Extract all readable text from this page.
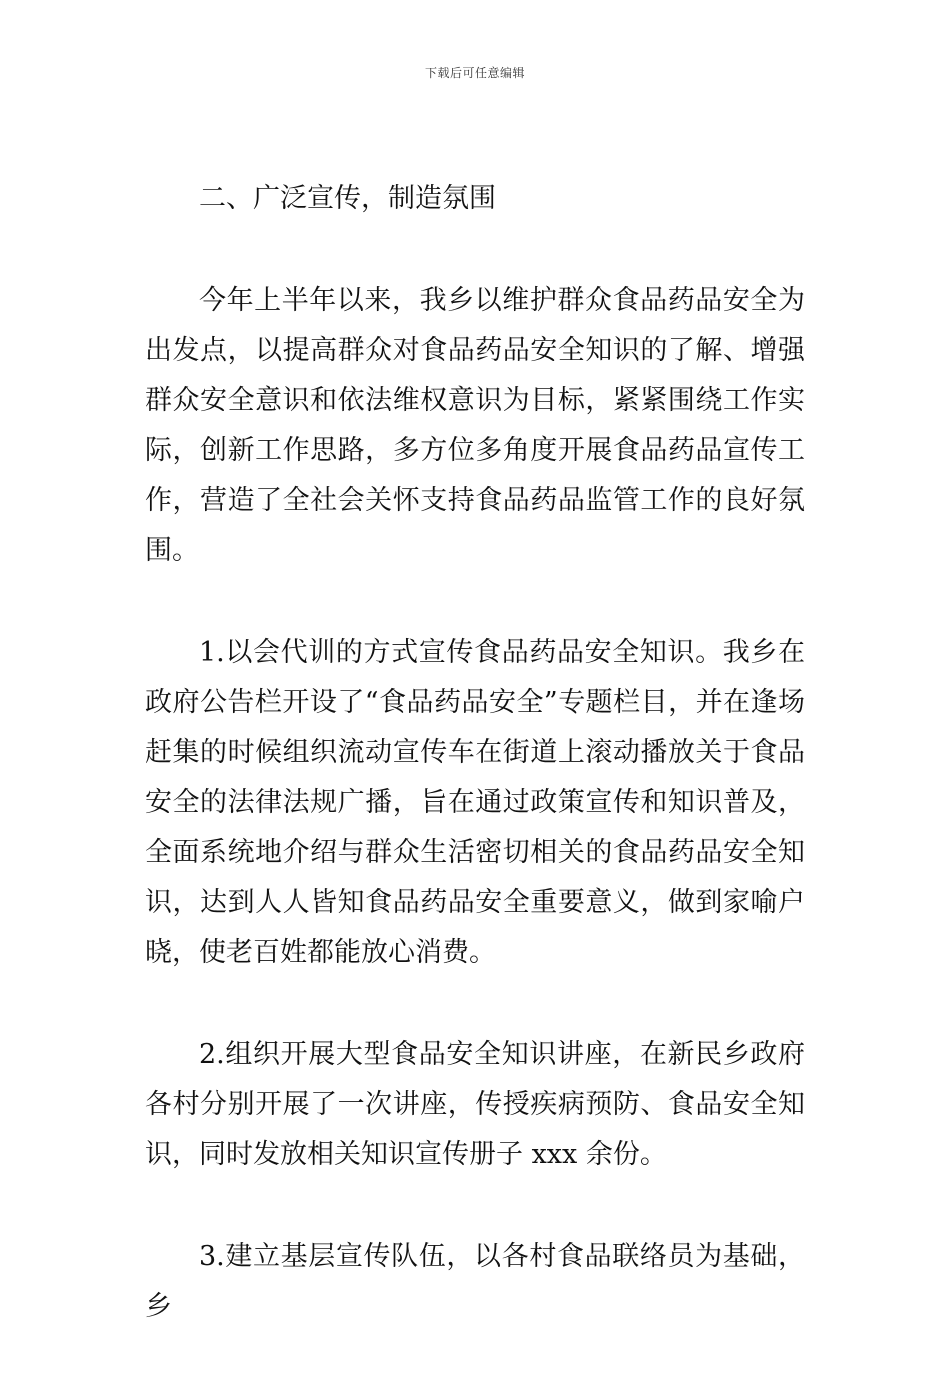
下载后可任意编辑
二、广泛宣传，制造氛围

今年上半年以来，我乡以维护群众食品药品安全为出发点，以提高群众对食品药品安全知识的了解、增强群众安全意识和依法维权意识为目标，紧紧围绕工作实际，创新工作思路，多方位多角度开展食品药品宣传工作，营造了全社会关怀支持食品药品监管工作的良好氛围。

1.以会代训的方式宣传食品药品安全知识。我乡在政府公告栏开设了“食品药品安全”专题栏目，并在逢场赶集的时候组织流动宣传车在街道上滚动播放关于食品安全的法律法规广播，旨在通过政策宣传和知识普及，全面系统地介绍与群众生活密切相关的食品药品安全知识，达到人人皆知食品药品安全重要意义，做到家喻户晓，使老百姓都能放心消费。

2.组织开展大型食品安全知识讲座，在新民乡政府各村分别开展了一次讲座，传授疾病预防、食品安全知识，同时发放相关知识宣传册子 xxx 余份。

3.建立基层宣传队伍，以各村食品联络员为基础，乡
